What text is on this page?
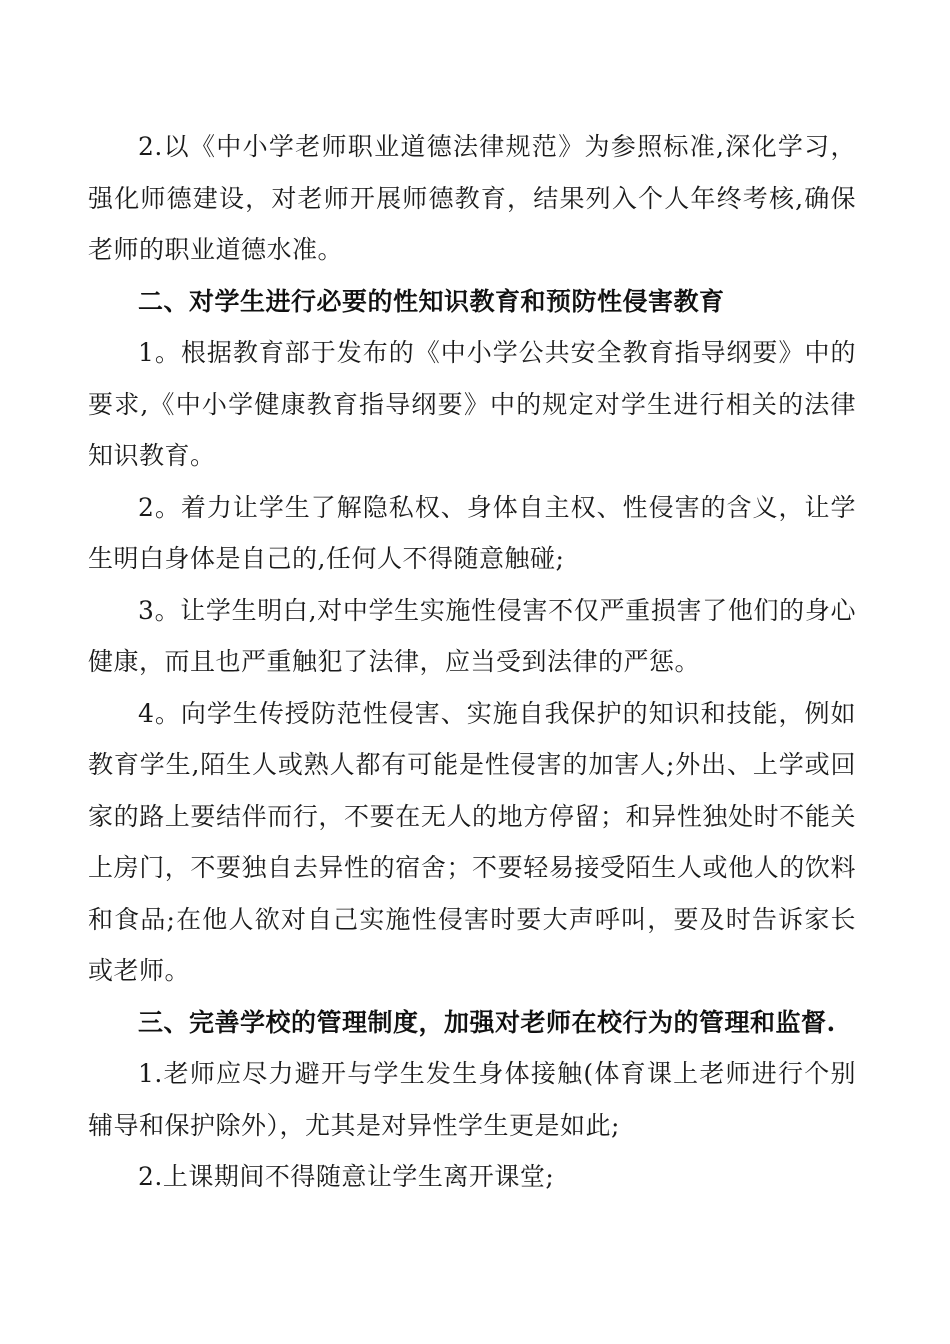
2.以《中小学老师职业道德法律规范》为参照标准,深化学习，强化师德建设，对老师开展师德教育，结果列入个人年终考核,确保老师的职业道德水准。

二、对学生进行必要的性知识教育和预防性侵害教育

1。根据教育部于发布的《中小学公共安全教育指导纲要》中的要求,《中小学健康教育指导纲要》中的规定对学生进行相关的法律知识教育。

2。着力让学生了解隐私权、身体自主权、性侵害的含义，让学生明白身体是自己的,任何人不得随意触碰;

3。让学生明白,对中学生实施性侵害不仅严重损害了他们的身心健康，而且也严重触犯了法律，应当受到法律的严惩。

4。向学生传授防范性侵害、实施自我保护的知识和技能，例如教育学生,陌生人或熟人都有可能是性侵害的加害人;外出、上学或回家的路上要结伴而行，不要在无人的地方停留；和异性独处时不能关上房门，不要独自去异性的宿舍；不要轻易接受陌生人或他人的饮料和食品;在他人欲对自己实施性侵害时要大声呼叫，要及时告诉家长或老师。

三、完善学校的管理制度，加强对老师在校行为的管理和监督.

1.老师应尽力避开与学生发生身体接触(体育课上老师进行个别辅导和保护除外），尤其是对异性学生更是如此;

2.上课期间不得随意让学生离开课堂;
